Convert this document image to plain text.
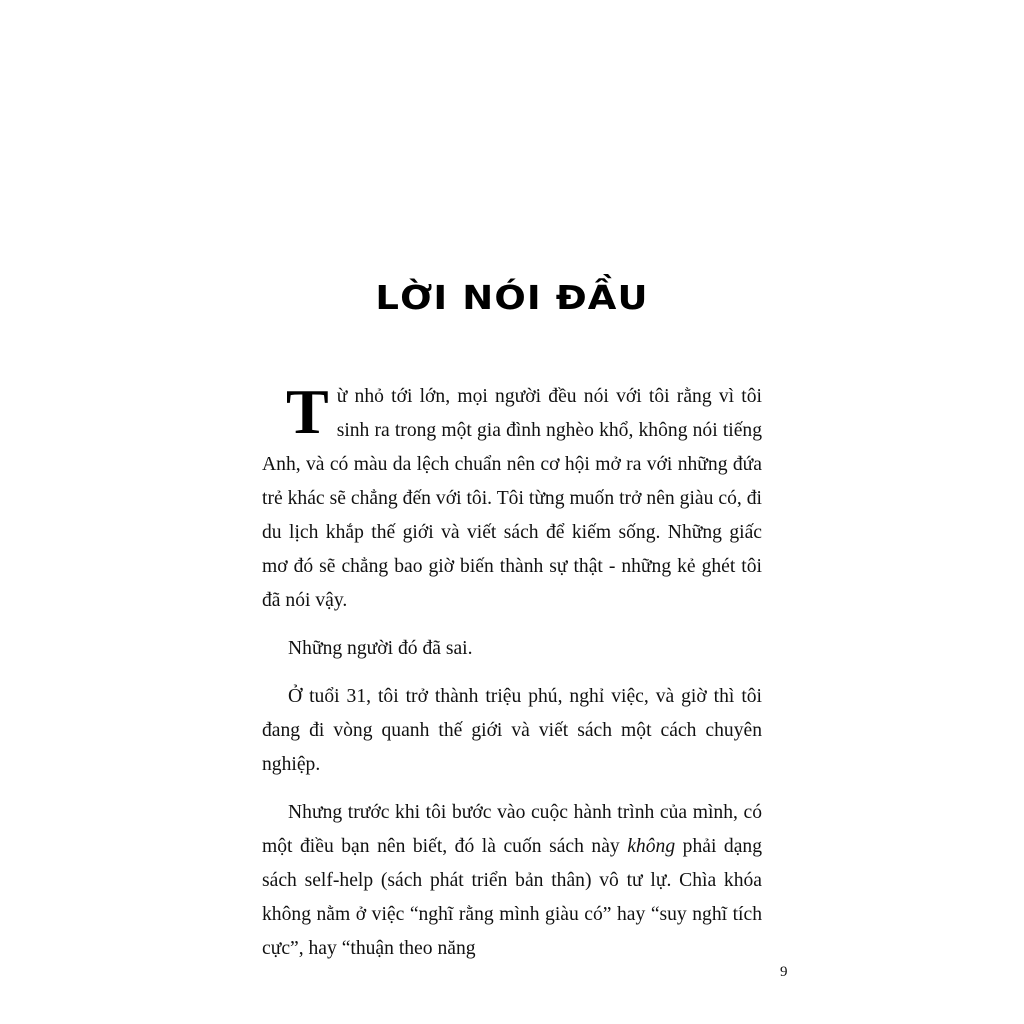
LỜI NÓI ĐẦU

Từ nhỏ tới lớn, mọi người đều nói với tôi rằng vì tôi sinh ra trong một gia đình nghèo khổ, không nói tiếng Anh, và có màu da lệch chuẩn nên cơ hội mở ra với những đứa trẻ khác sẽ chẳng đến với tôi. Tôi từng muốn trở nên giàu có, đi du lịch khắp thế giới và viết sách để kiếm sống. Những giấc mơ đó sẽ chẳng bao giờ biến thành sự thật - những kẻ ghét tôi đã nói vậy.

Những người đó đã sai.

Ở tuổi 31, tôi trở thành triệu phú, nghỉ việc, và giờ thì tôi đang đi vòng quanh thế giới và viết sách một cách chuyên nghiệp.

Nhưng trước khi tôi bước vào cuộc hành trình của mình, có một điều bạn nên biết, đó là cuốn sách này không phải dạng sách self-help (sách phát triển bản thân) vô tư lự. Chìa khóa không nằm ở việc “nghĩ rằng mình giàu có” hay “suy nghĩ tích cực”, hay “thuận theo năng

9
